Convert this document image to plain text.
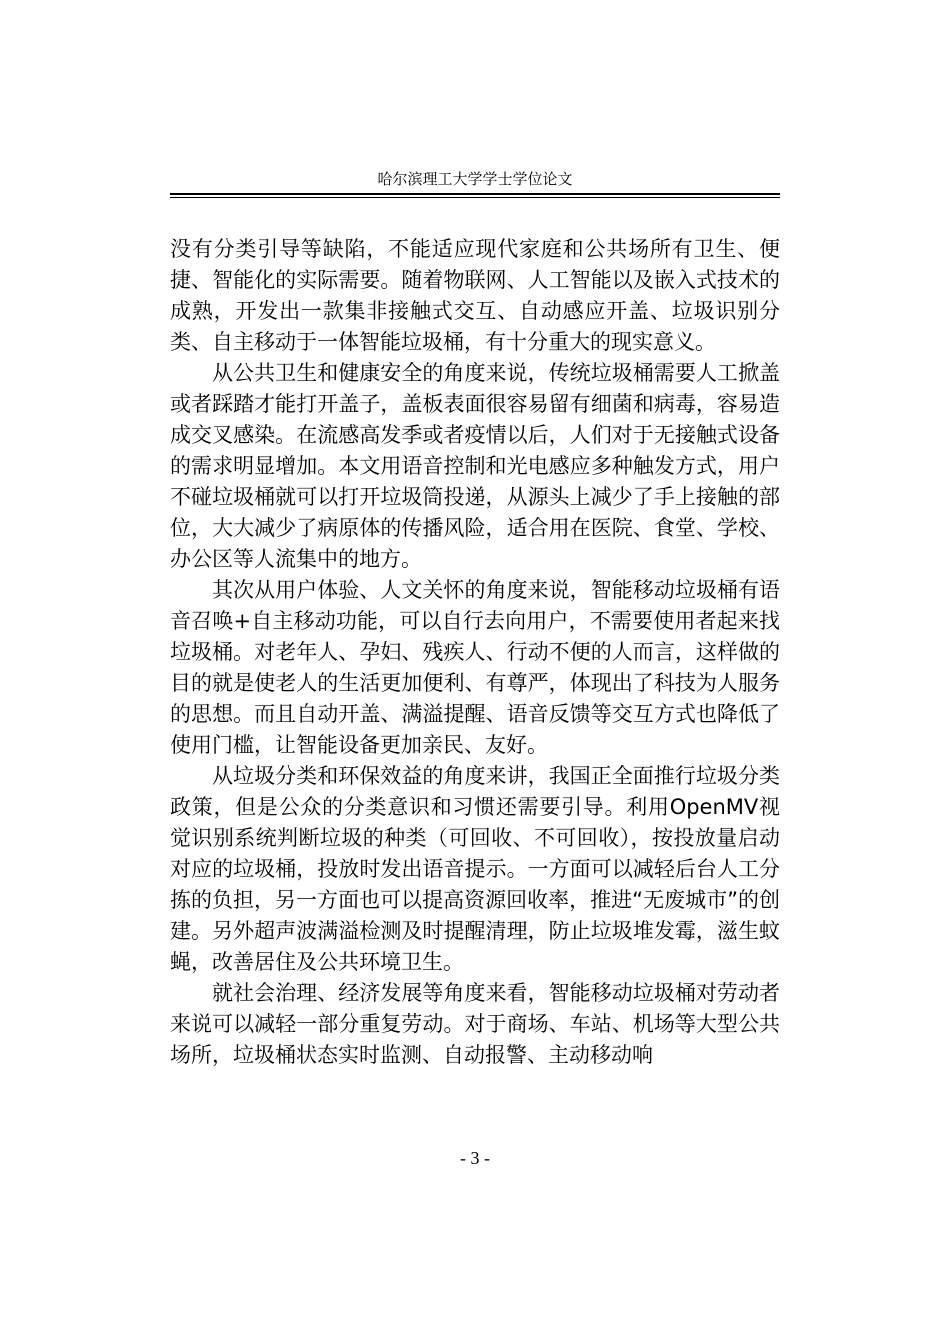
哈尔滨理工大学学士学位论文

没有分类引导等缺陷，不能适应现代家庭和公共场所有卫生、便捷、智能化的实际需要。随着物联网、人工智能以及嵌入式技术的成熟，开发出一款集非接触式交互、自动感应开盖、垃圾识别分类、自主移动于一体智能垃圾桶，有十分重大的现实意义。

从公共卫生和健康安全的角度来说，传统垃圾桶需要人工掀盖或者踩踏才能打开盖子，盖板表面很容易留有细菌和病毒，容易造成交叉感染。在流感高发季或者疫情以后，人们对于无接触式设备的需求明显增加。本文用语音控制和光电感应多种触发方式，用户不碰垃圾桶就可以打开垃圾筒投递，从源头上减少了手上接触的部位，大大减少了病原体的传播风险，适合用在医院、食堂、学校、办公区等人流集中的地方。

其次从用户体验、人文关怀的角度来说，智能移动垃圾桶有语音召唤+自主移动功能，可以自行去向用户，不需要使用者起来找垃圾桶。对老年人、孕妇、残疾人、行动不便的人而言，这样做的目的就是使老人的生活更加便利、有尊严，体现出了科技为人服务的思想。而且自动开盖、满溢提醒、语音反馈等交互方式也降低了使用门槛，让智能设备更加亲民、友好。

从垃圾分类和环保效益的角度来讲，我国正全面推行垃圾分类政策，但是公众的分类意识和习惯还需要引导。利用OpenMV视觉识别系统判断垃圾的种类（可回收、不可回收），按投放量启动对应的垃圾桶，投放时发出语音提示。一方面可以减轻后台人工分拣的负担，另一方面也可以提高资源回收率，推进“无废城市”的创建。另外超声波满溢检测及时提醒清理，防止垃圾堆发霉，滋生蚊蝇，改善居住及公共环境卫生。

就社会治理、经济发展等角度来看，智能移动垃圾桶对劳动者来说可以减轻一部分重复劳动。对于商场、车站、机场等大型公共场所，垃圾桶状态实时监测、自动报警、主动移动响

- 3 -
